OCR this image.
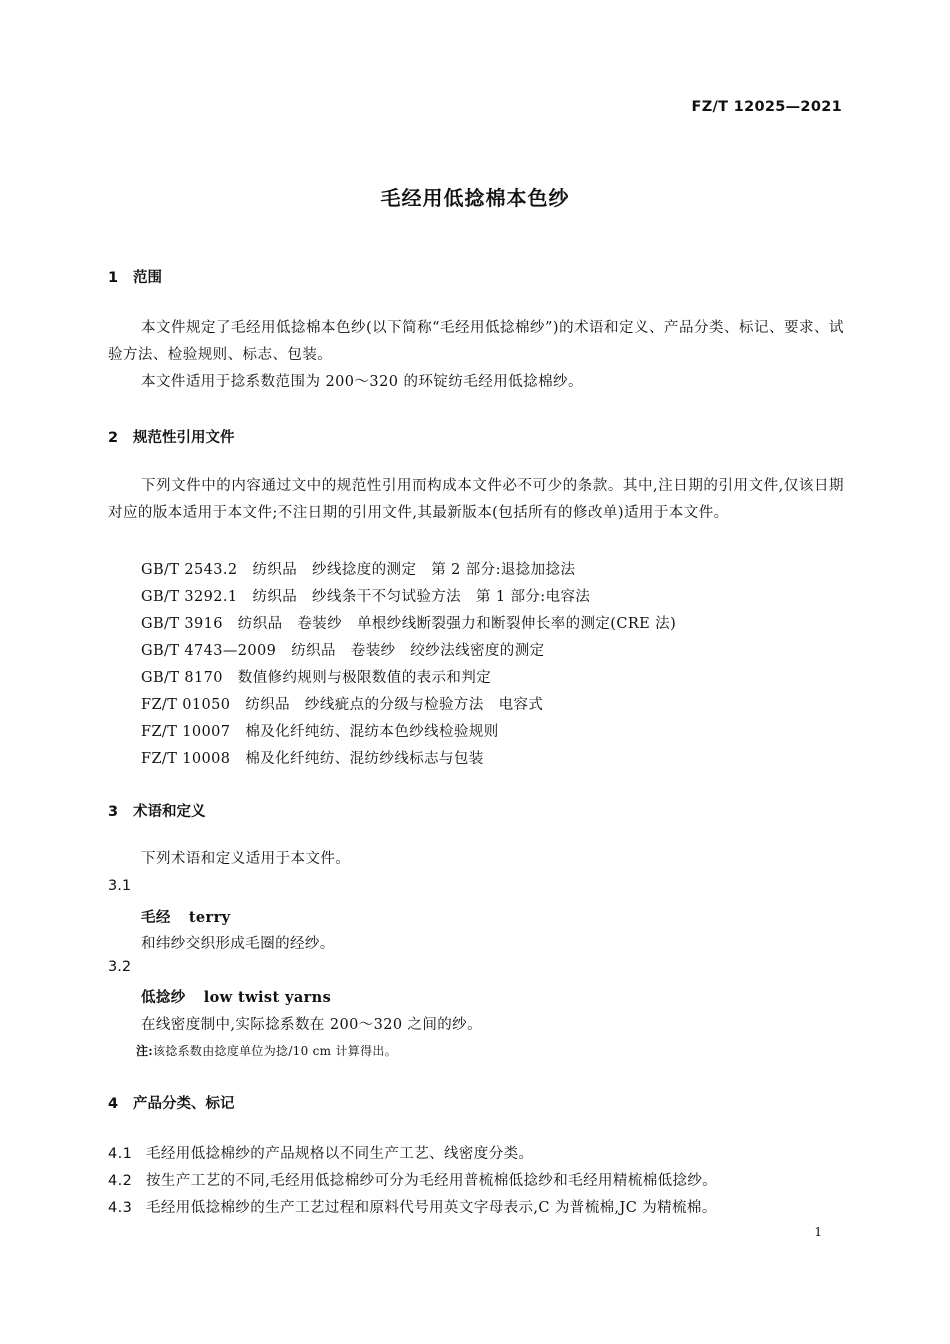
FZ/T 12025—2021
毛经用低捻棉本色纱
1 范围
本文件规定了毛经用低捻棉本色纱(以下简称“毛经用低捻棉纱”)的术语和定义、产品分类、标记、要求、试验方法、检验规则、标志、包装。
本文件适用于捻系数范围为 200～320 的环锭纺毛经用低捻棉纱。
2 规范性引用文件
下列文件中的内容通过文中的规范性引用而构成本文件必不可少的条款。其中,注日期的引用文件,仅该日期对应的版本适用于本文件;不注日期的引用文件,其最新版本(包括所有的修改单)适用于本文件。
GB/T 2543.2　纺织品　纱线捻度的测定　第 2 部分:退捻加捻法
GB/T 3292.1　纺织品　纱线条干不匀试验方法　第 1 部分:电容法
GB/T 3916　纺织品　卷装纱　单根纱线断裂强力和断裂伸长率的测定(CRE 法)
GB/T 4743—2009　纺织品　卷装纱　绞纱法线密度的测定
GB/T 8170　数值修约规则与极限数值的表示和判定
FZ/T 01050　纺织品　纱线疵点的分级与检验方法　电容式
FZ/T 10007　棉及化纤纯纺、混纺本色纱线检验规则
FZ/T 10008　棉及化纤纯纺、混纺纱线标志与包装
3 术语和定义
下列术语和定义适用于本文件。
3.1
毛经 terry
和纬纱交织形成毛圈的经纱。
3.2
低捻纱 low twist yarns
在线密度制中,实际捻系数在 200～320 之间的纱。
注:该捻系数由捻度单位为捻/10 cm 计算得出。
4 产品分类、标记
4.1 毛经用低捻棉纱的产品规格以不同生产工艺、线密度分类。
4.2 按生产工艺的不同,毛经用低捻棉纱可分为毛经用普梳棉低捻纱和毛经用精梳棉低捻纱。
4.3 毛经用低捻棉纱的生产工艺过程和原料代号用英文字母表示,C 为普梳棉,JC 为精梳棉。
1
